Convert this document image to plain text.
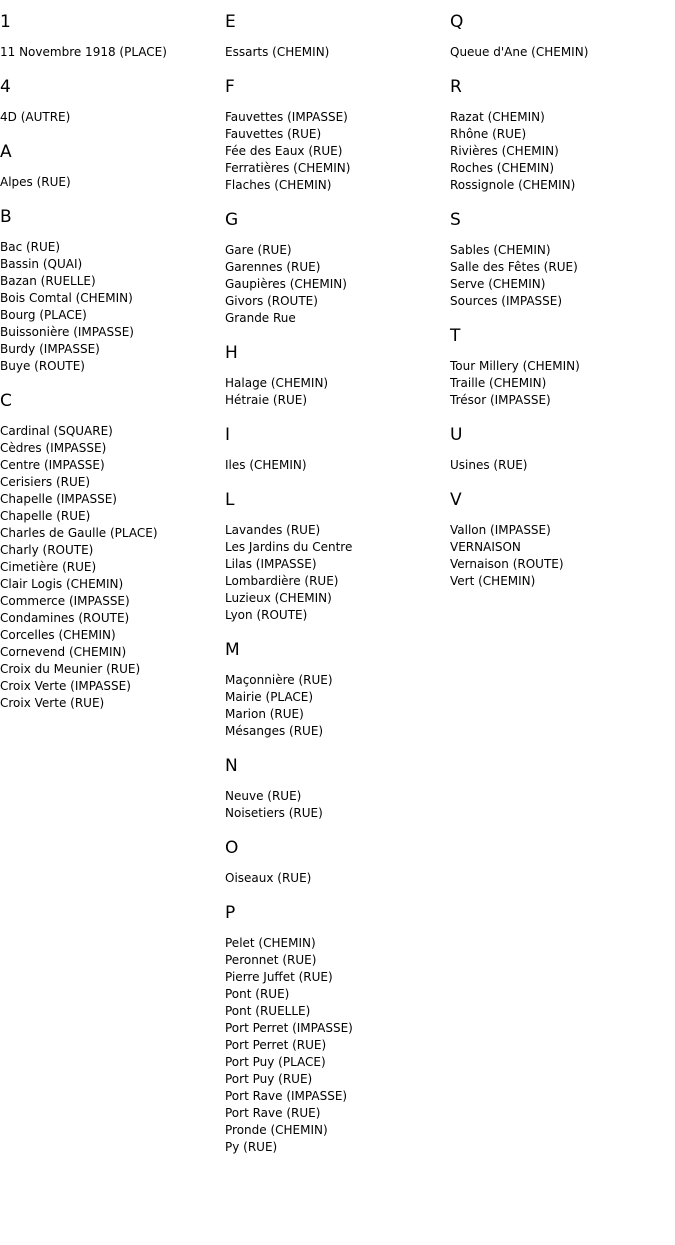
1
11 Novembre 1918 (PLACE)
4
4D (AUTRE)
A
Alpes (RUE)
B
Bac (RUE)
Bassin (QUAI)
Bazan (RUELLE)
Bois Comtal (CHEMIN)
Bourg (PLACE)
Buissonière (IMPASSE)
Burdy (IMPASSE)
Buye (ROUTE)
C
Cardinal (SQUARE)
Cèdres (IMPASSE)
Centre (IMPASSE)
Cerisiers (RUE)
Chapelle (IMPASSE)
Chapelle (RUE)
Charles de Gaulle (PLACE)
Charly (ROUTE)
Cimetière (RUE)
Clair Logis (CHEMIN)
Commerce (IMPASSE)
Condamines (ROUTE)
Corcelles (CHEMIN)
Cornevend (CHEMIN)
Croix du Meunier (RUE)
Croix Verte (IMPASSE)
Croix Verte (RUE)
E
Essarts (CHEMIN)
F
Fauvettes (IMPASSE)
Fauvettes (RUE)
Fée des Eaux (RUE)
Ferratières (CHEMIN)
Flaches (CHEMIN)
G
Gare (RUE)
Garennes (RUE)
Gaupières (CHEMIN)
Givors (ROUTE)
Grande Rue
H
Halage (CHEMIN)
Hétraie (RUE)
I
Iles (CHEMIN)
L
Lavandes (RUE)
Les Jardins du Centre
Lilas (IMPASSE)
Lombardière (RUE)
Luzieux (CHEMIN)
Lyon (ROUTE)
M
Maçonnière (RUE)
Mairie (PLACE)
Marion (RUE)
Mésanges (RUE)
N
Neuve (RUE)
Noisetiers (RUE)
O
Oiseaux (RUE)
P
Pelet (CHEMIN)
Peronnet (RUE)
Pierre Juffet (RUE)
Pont (RUE)
Pont (RUELLE)
Port Perret (IMPASSE)
Port Perret (RUE)
Port Puy (PLACE)
Port Puy (RUE)
Port Rave (IMPASSE)
Port Rave (RUE)
Pronde (CHEMIN)
Py (RUE)
Q
Queue d'Ane (CHEMIN)
R
Razat (CHEMIN)
Rhône (RUE)
Rivières (CHEMIN)
Roches (CHEMIN)
Rossignole (CHEMIN)
S
Sables (CHEMIN)
Salle des Fêtes (RUE)
Serve (CHEMIN)
Sources (IMPASSE)
T
Tour Millery (CHEMIN)
Traille (CHEMIN)
Trésor (IMPASSE)
U
Usines (RUE)
V
Vallon (IMPASSE)
VERNAISON
Vernaison (ROUTE)
Vert (CHEMIN)
